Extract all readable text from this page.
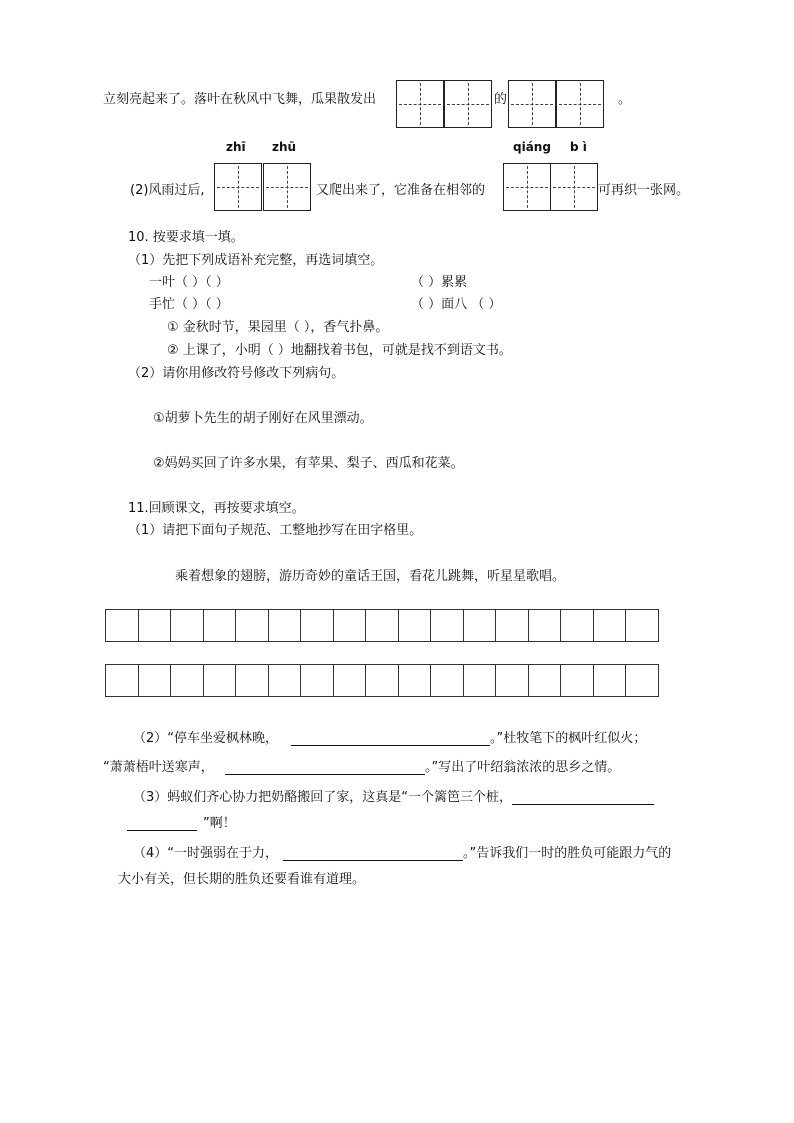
立刻亮起来了。落叶在秋风中飞舞，瓜果散发出	的	。
zhī zhū	qiáng b ì
(2)风雨过后,	又爬出来了，它准备在相邻的	可再织一张网。
10. 按要求填一填。
（1）先把下列成语补充完整，再选词填空。
一叶（ ）（ ）	（ ）累累
手忙（ ）（ ）	（ ）面八 （ ）
① 金秋时节，果园里（ ），香气扑鼻。
② 上课了，小明（ ）地翻找着书包，可就是找不到语文书。
（2）请你用修改符号修改下列病句。
①胡萝卜先生的胡子刚好在风里漂动。
②妈妈买回了许多水果，有苹果、梨子、西瓜和花菜。
11.回顾课文，再按要求填空。
（1）请把下面句子规范、工整地抄写在田字格里。
乘着想象的翅膀，游历奇妙的童话王国，看花儿跳舞，听星星歌唱。
（2）“停车坐爱枫林晚，	。”杜牧笔下的枫叶红似火；
“萧萧梧叶送寒声，	。”写出了叶绍翁浓浓的思乡之情。
（3）蚂蚁们齐心协力把奶酪搬回了家，这真是“一个篱笆三个桩，
”啊！
（4）“一时强弱在于力，	。”告诉我们一时的胜负可能跟力气的
大小有关，但长期的胜负还要看谁有道理。
